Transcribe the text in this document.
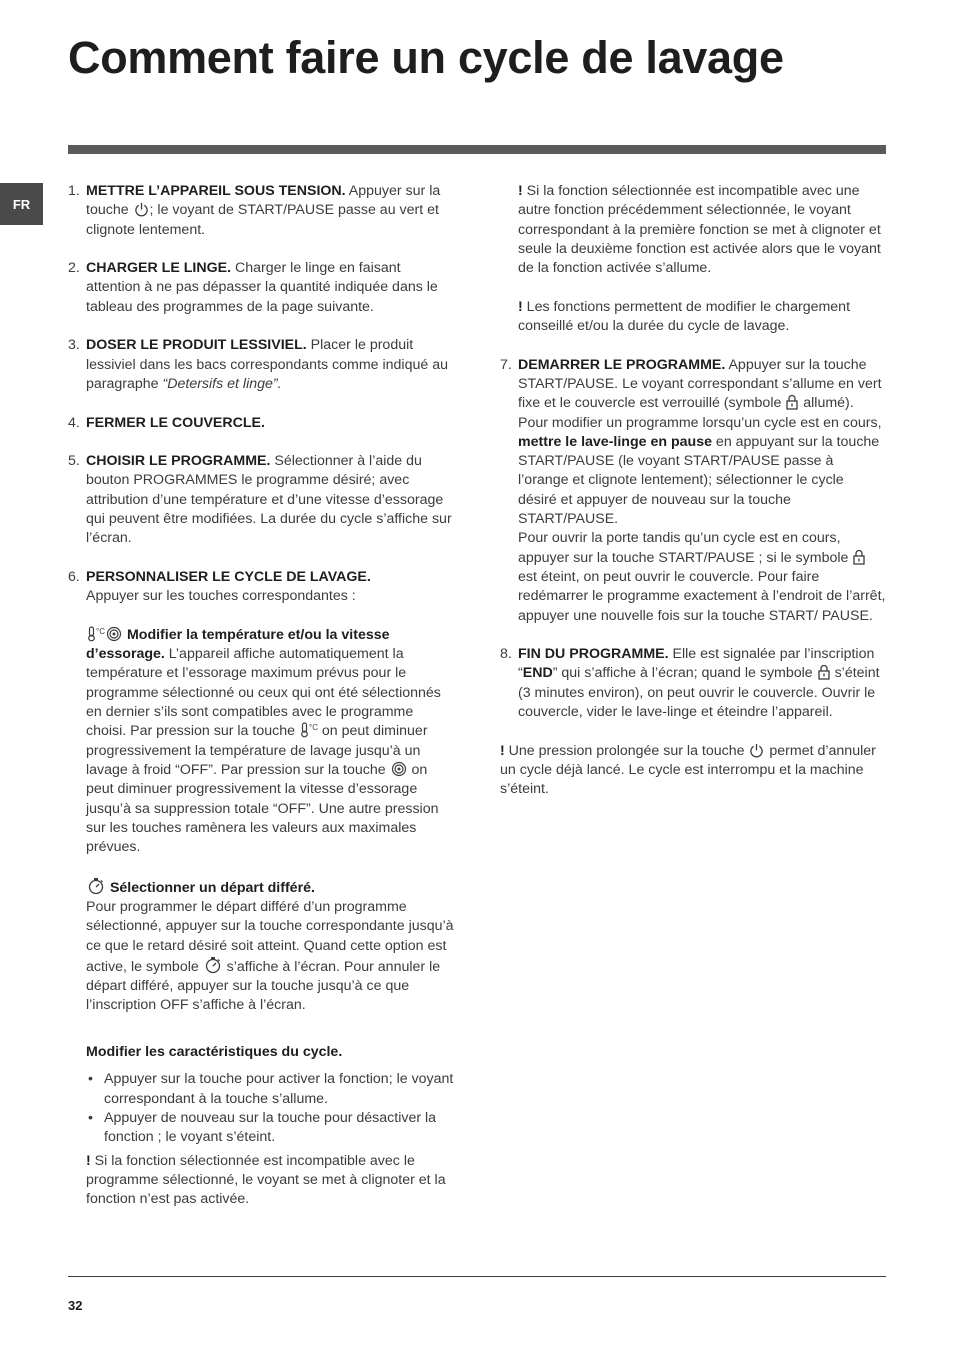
Comment faire un cycle de lavage
FR
1. METTRE L’APPAREIL SOUS TENSION. Appuyer sur la touche ; le voyant de START/PAUSE passe au vert et clignote lentement.
2. CHARGER LE LINGE. Charger le linge en faisant attention à ne pas dépasser la quantité indiquée dans le tableau des programmes de la page suivante.
3. DOSER LE PRODUIT LESSIVIEL. Placer le produit lessiviel dans les bacs correspondants comme indiqué au paragraphe “Detersifs et linge”.
4. FERMER LE COUVERCLE.
5. CHOISIR LE PROGRAMME. Sélectionner à l’aide du bouton PROGRAMMES le programme désiré; avec attribution d’une température et d’une vitesse d’essorage qui peuvent être modifiées. La durée du cycle s’affiche sur l’écran.
6. PERSONNALISER LE CYCLE DE LAVAGE.
Appuyer sur les touches correspondantes :
°C Modifier la température et/ou la vitesse d’essorage. L’appareil affiche automatiquement la température et l’essorage maximum prévus pour le programme sélectionné ou ceux qui ont été sélectionnés en dernier s’ils sont compatibles avec le programme choisi. Par pression sur la touche °C on peut diminuer progressivement la température de lavage jusqu’à un lavage à froid “OFF”. Par pression sur la touche  on peut diminuer progressivement la vitesse d’essorage jusqu’à sa suppression totale “OFF”. Une autre pression sur les touches ramènera les valeurs aux maximales prévues.
Sélectionner un départ différé.
Pour programmer le départ différé d’un programme sélectionné, appuyer sur la touche correspondante jusqu’à ce que le retard désiré soit atteint. Quand cette option est active, le symbole  s’affiche à l’écran. Pour annuler le départ différé, appuyer sur la touche jusqu’à ce que l’inscription OFF s’affiche à l’écran.
Modifier les caractéristiques du cycle.
• Appuyer sur la touche pour activer la fonction; le voyant correspondant à la touche s’allume.
• Appuyer de nouveau sur la touche pour désactiver la fonction ; le voyant s’éteint.
! Si la fonction sélectionnée est incompatible avec le programme sélectionné, le voyant se met à clignoter et la fonction n’est pas activée.
! Si la fonction sélectionnée est incompatible avec une autre fonction précédemment sélectionnée, le voyant correspondant à la première fonction se met à clignoter et seule la deuxième fonction est activée alors que le voyant de la fonction activée s’allume.
! Les fonctions permettent de modifier le chargement conseillé et/ou la durée du cycle de lavage.
7. DEMARRER LE PROGRAMME. Appuyer sur la touche START/PAUSE. Le voyant correspondant s’allume en vert fixe et le couvercle est verrouillé (symbole  allumé). Pour modifier un programme lorsqu’un cycle est en cours, mettre le lave-linge en pause en appuyant sur la touche START/PAUSE (le voyant START/PAUSE passe à l’orange et clignote lentement); sélectionner le cycle désiré et appuyer de nouveau sur la touche START/PAUSE.
Pour ouvrir la porte tandis qu’un cycle est en cours, appuyer sur la touche START/PAUSE ; si le symbole  est éteint, on peut ouvrir le couvercle. Pour faire redémarrer le programme exactement à l’endroit de l’arrêt, appuyer une nouvelle fois sur la touche START/ PAUSE.
8. FIN DU PROGRAMME. Elle est signalée par l’inscription “END” qui s’affiche à l’écran; quand le symbole  s’éteint (3 minutes environ), on peut ouvrir le couvercle. Ouvrir le couvercle, vider le lave-linge et éteindre l’appareil.
! Une pression prolongée sur la touche  permet d’annuler un cycle déjà lancé. Le cycle est interrompu et la machine s’éteint.
32
